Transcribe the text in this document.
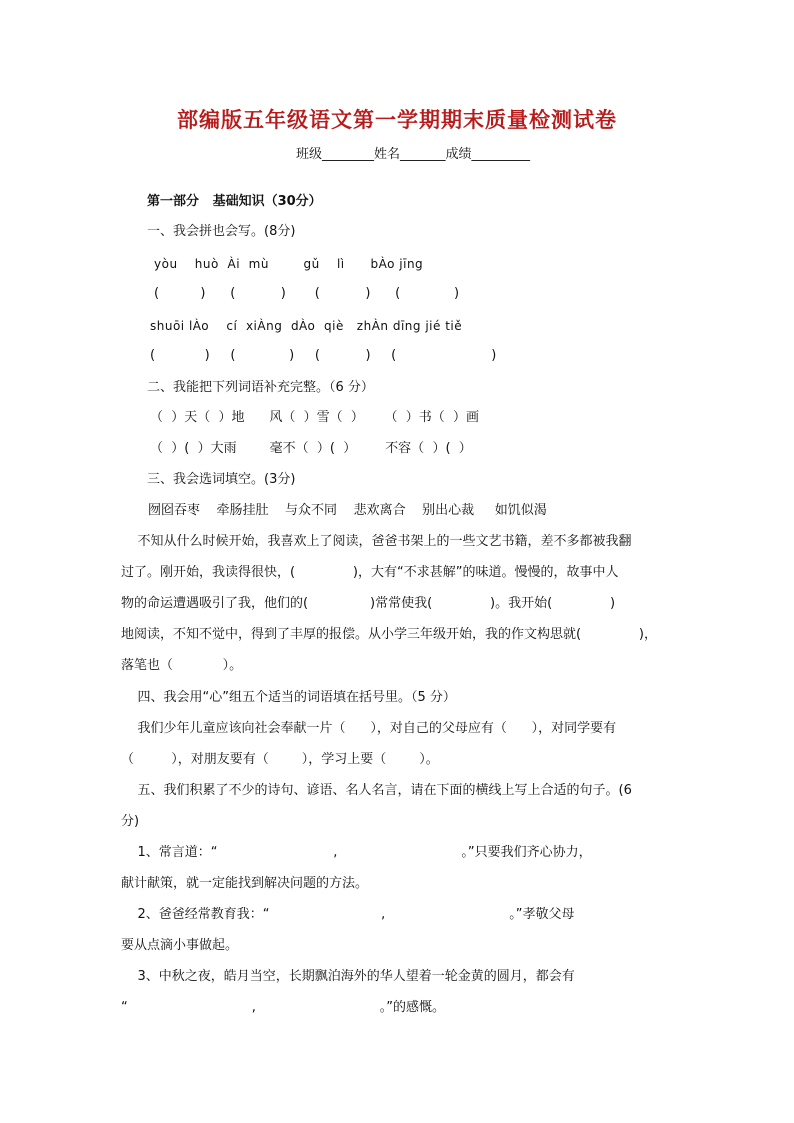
部编版五年级语文第一学期期末质量检测试卷
班级________姓名_______成绩_________
第一部分   基础知识（30分）
一、我会拼也会写。(8分)
yòu    huò  Ài  mù        gǔ    lì      bÀo jīng
(          )      (           )       (           )      (             )
shuōi lÀo    cí  xiÀng  dÀo  qiè   zhÀn dīng jié tiě
(            )     (             )     (           )     (                       )
二、我能把下列词语补充完整。（6 分）
（  ）天（  ）地      风（  ）雪（  ）     （  ）书（  ）画
（  ）(  ）大雨        毫不（  ）(  ）       不容（  ）(  ）
三、我会选词填空。(3分)
囫囵吞枣    牵肠挂肚    与众不同    悲欢离合    别出心裁     如饥似渴
不知从什么时候开始，我喜欢上了阅读，爸爸书架上的一些文艺书籍，差不多都被我翻
过了。刚开始，我读得很快，(              )，大有“不求甚解”的味道。慢慢的，故事中人
物的命运遭遇吸引了我，他们的(               )常常使我(              )。我开始(              )
地阅读，不知不觉中，得到了丰厚的报偿。从小学三年级开始，我的作文构思就(              )，
落笔也（            ）。
四、我会用“心”组五个适当的词语填在括号里。（5 分）
我们少年儿童应该向社会奉献一片（      ），对自己的父母应有（      ），对同学要有
（         ），对朋友要有（        ），学习上要（        ）。
五、我们积累了不少的诗句、谚语、名人名言，请在下面的横线上写上合适的句子。(6
分)
1、常言道：“                            ,                              。”只要我们齐心协力，
献计献策，就一定能找到解决问题的方法。
2、爸爸经常教育我：“                           ,                              。”孝敬父母
要从点滴小事做起。
3、中秋之夜，皓月当空，长期飘泊海外的华人望着一轮金黄的圆月，都会有
“                              ,                              。”的感慨。
